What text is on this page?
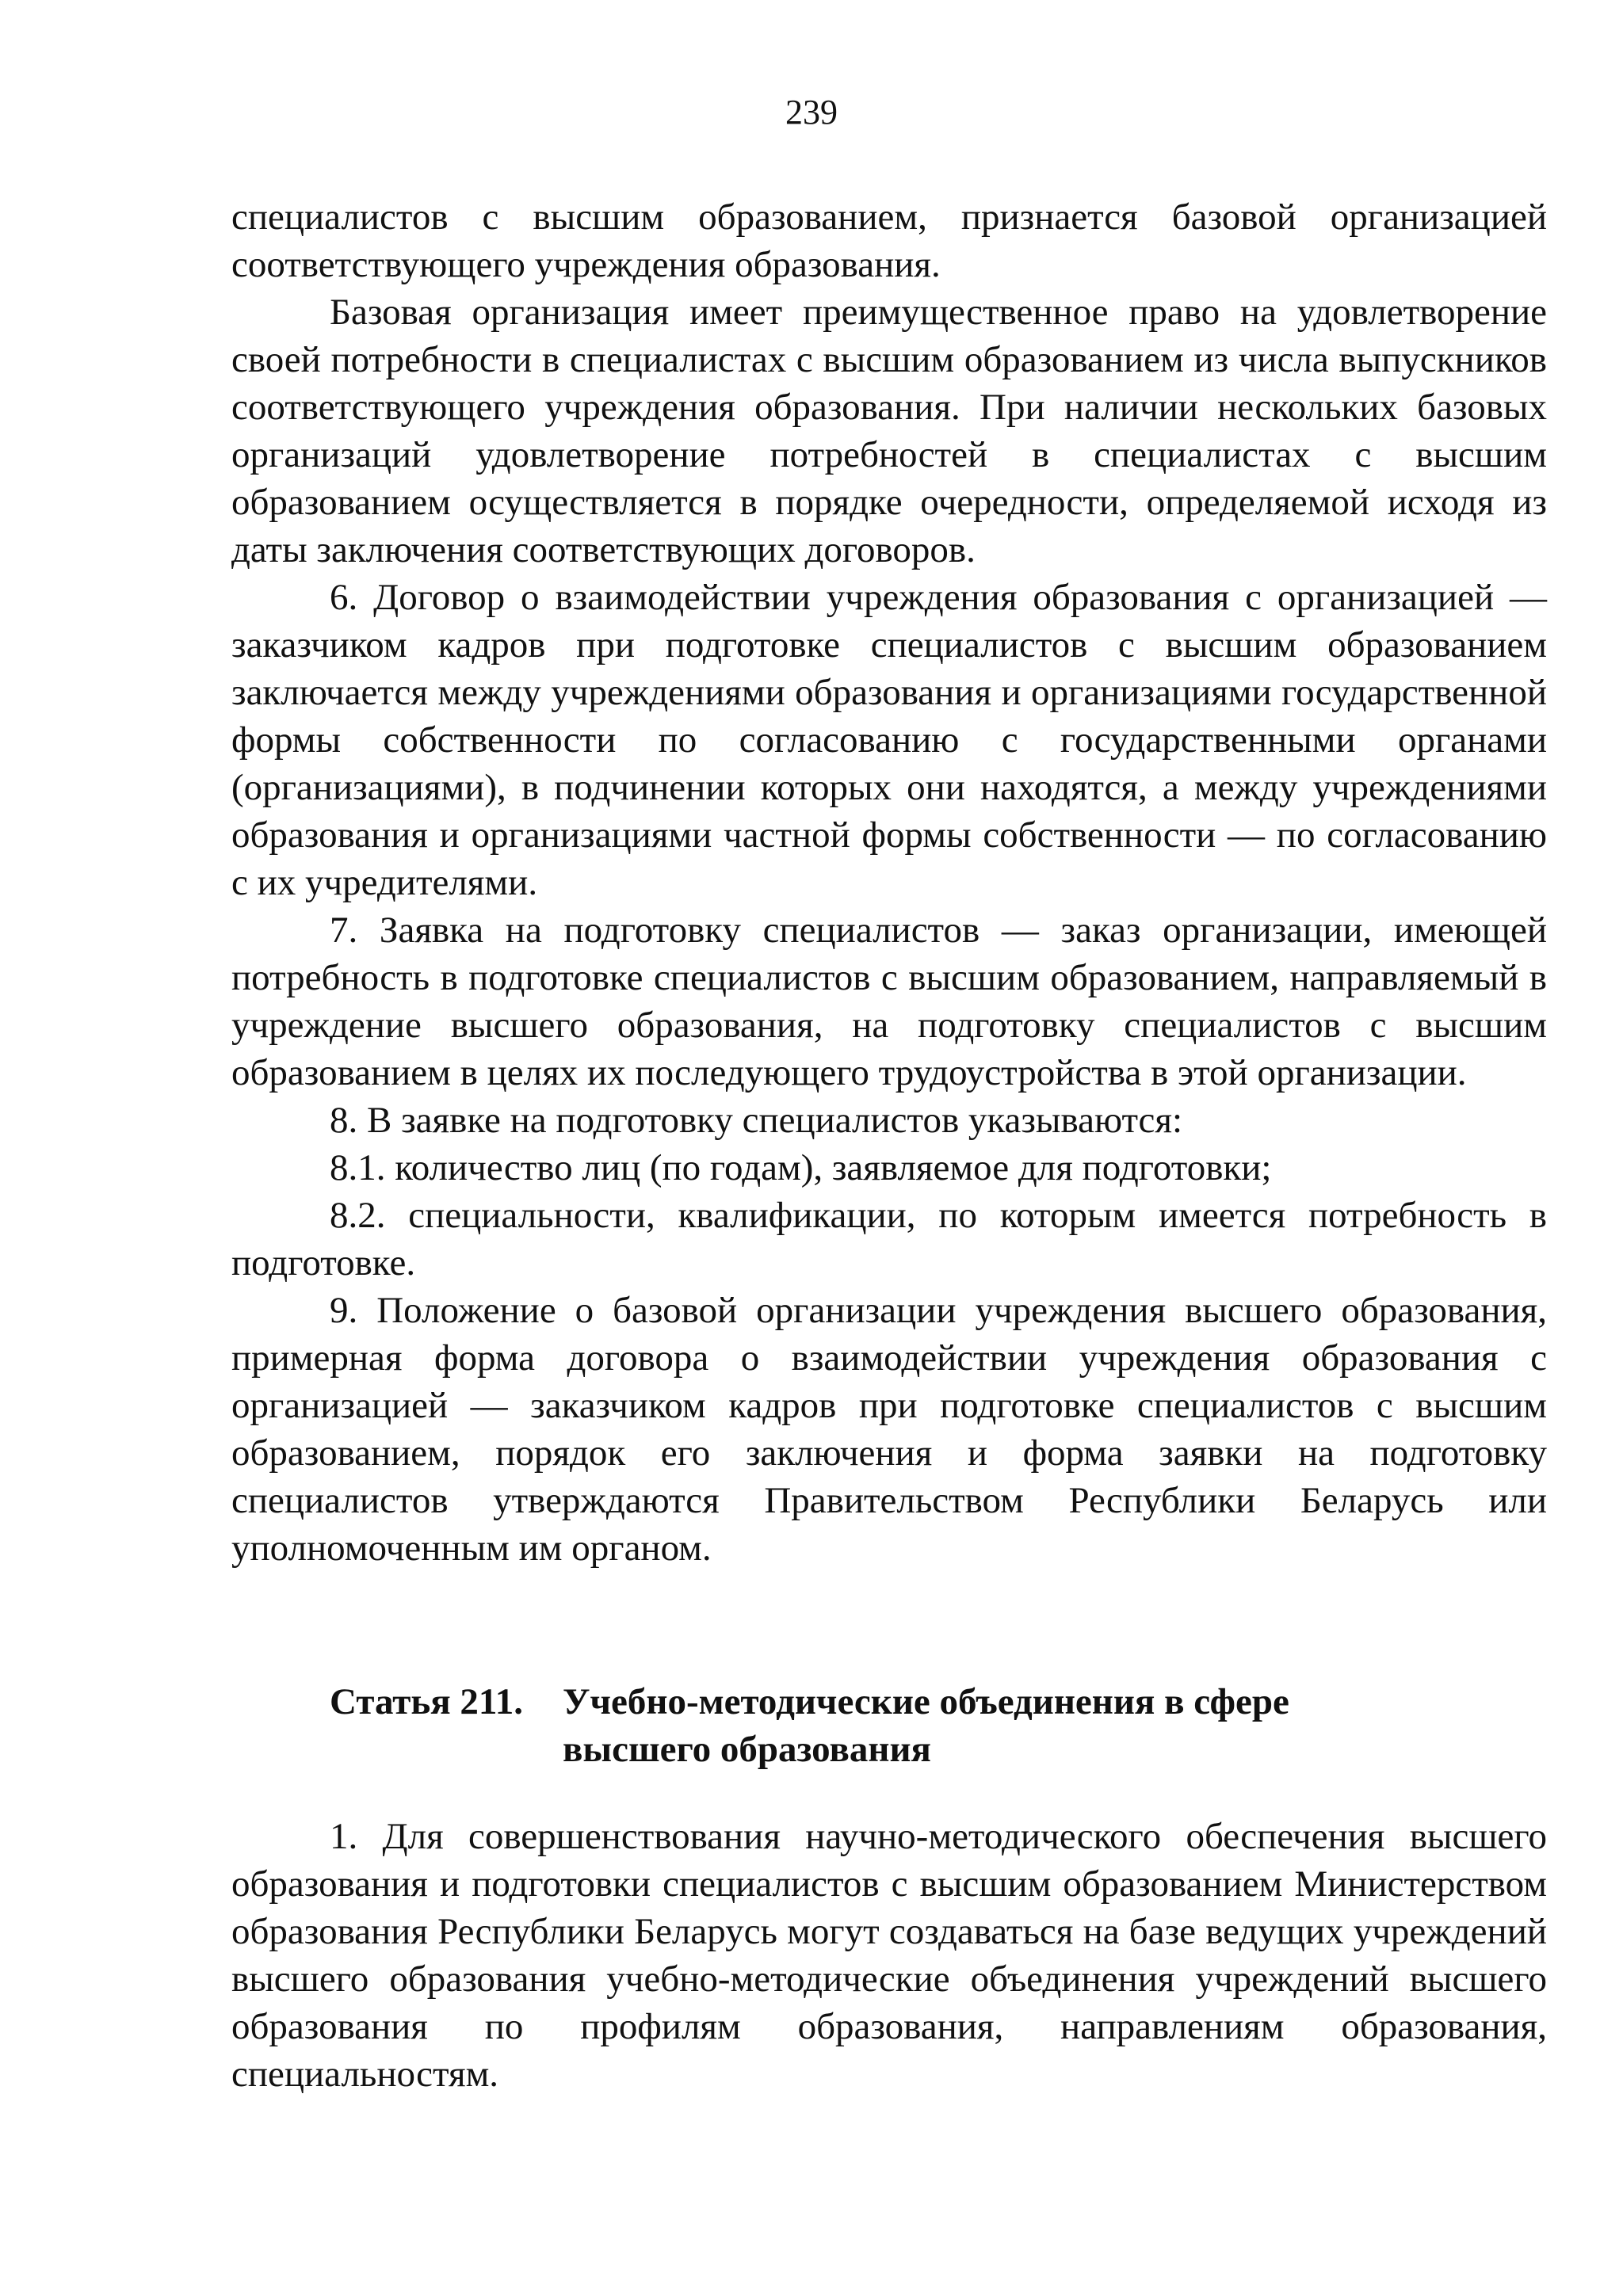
239

специалистов с высшим образованием, признается базовой организацией соответствующего учреждения образования.

Базовая организация имеет преимущественное право на удовлетворение своей потребности в специалистах с высшим образованием из числа выпускников соответствующего учреждения образования. При наличии нескольких базовых организаций удовлетворение потребностей в специалистах с высшим образованием осуществляется в порядке очередности, определяемой исходя из даты заключения соответствующих договоров.

6. Договор о взаимодействии учреждения образования с организацией — заказчиком кадров при подготовке специалистов с высшим образованием заключается между учреждениями образования и организациями государственной формы собственности по согласованию с государственными органами (организациями), в подчинении которых они находятся, а между учреждениями образования и организациями частной формы собственности — по согласованию с их учредителями.

7. Заявка на подготовку специалистов — заказ организации, имеющей потребность в подготовке специалистов с высшим образованием, направляемый в учреждение высшего образования, на подготовку специалистов с высшим образованием в целях их последующего трудоустройства в этой организации.

8. В заявке на подготовку специалистов указываются:

8.1. количество лиц (по годам), заявляемое для подготовки;

8.2. специальности, квалификации, по которым имеется потребность в подготовке.

9. Положение о базовой организации учреждения высшего образования, примерная форма договора о взаимодействии учреждения образования с организацией — заказчиком кадров при подготовке специалистов с высшим образованием, порядок его заключения и форма заявки на подготовку специалистов утверждаются Правительством Республики Беларусь или уполномоченным им органом.

Статья 211. Учебно-методические объединения в сфере
высшего образования

1. Для совершенствования научно-методического обеспечения высшего образования и подготовки специалистов с высшим образованием Министерством образования Республики Беларусь могут создаваться на базе ведущих учреждений высшего образования учебно-методические объединения учреждений высшего образования по профилям образования, направлениям образования, специальностям.
